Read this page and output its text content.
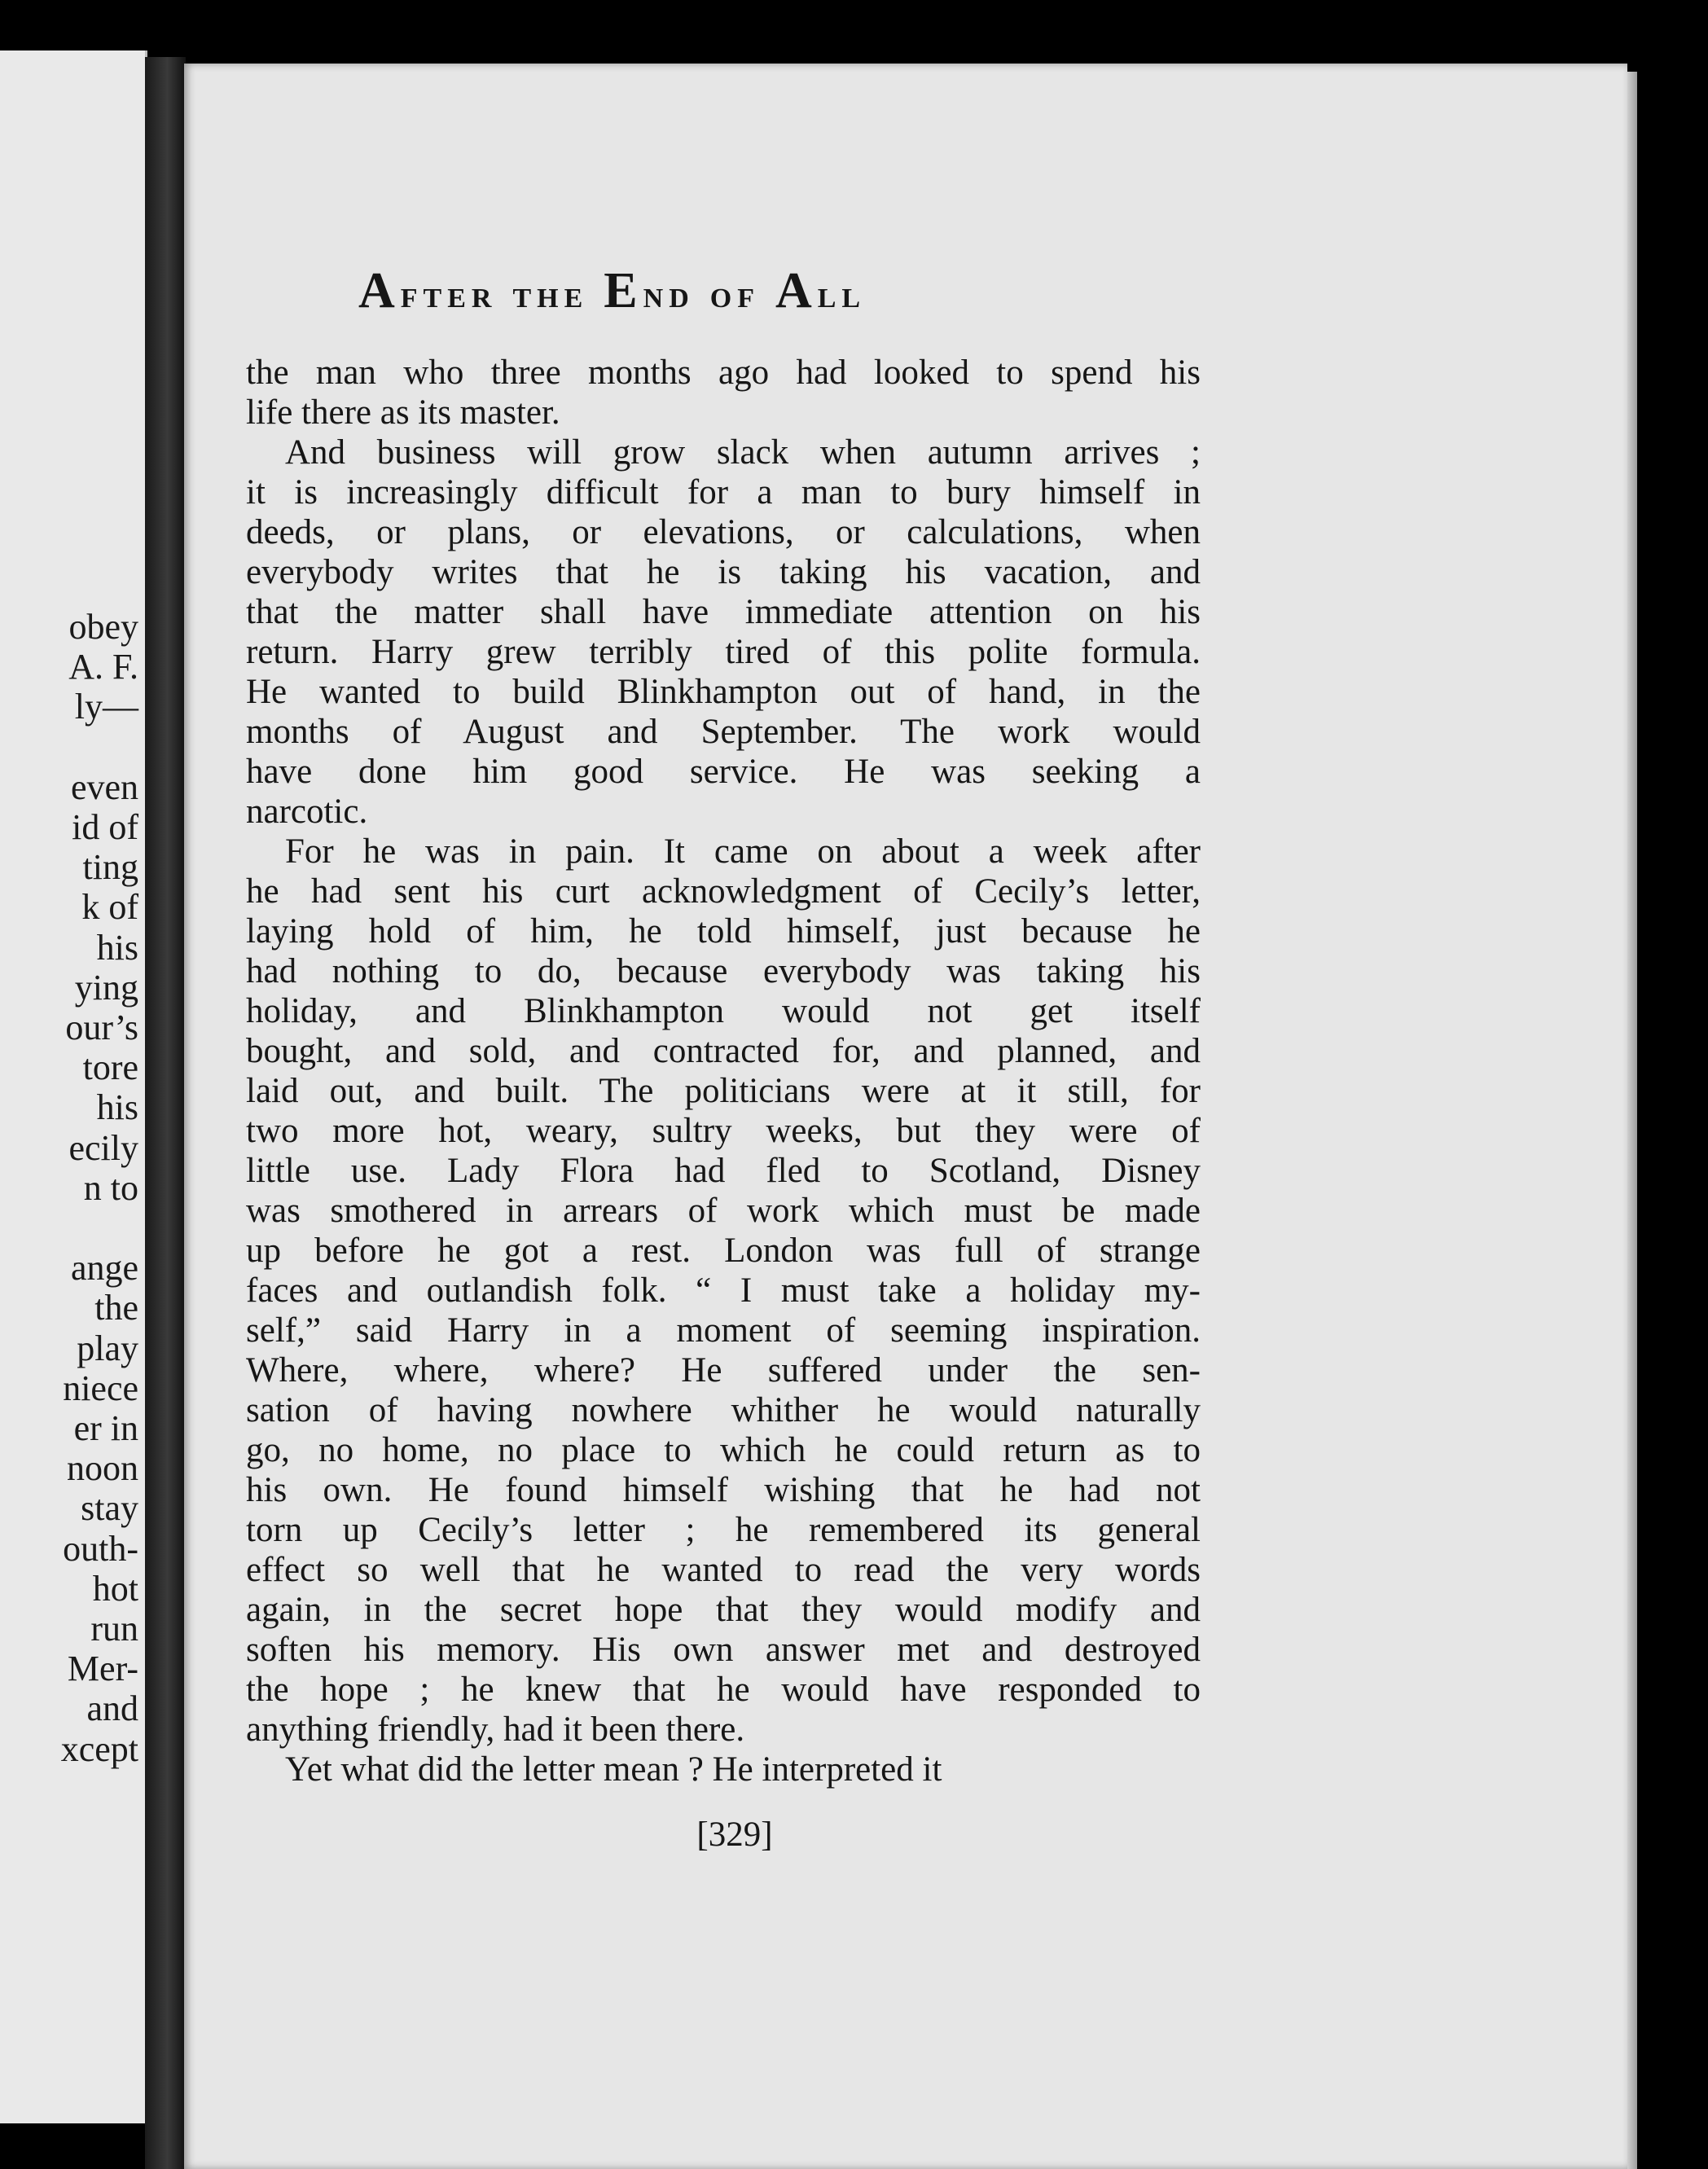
obey
A. F.
ly—
even
id of
ting
k of
his
ying
our’s
tore
his
ecily
n to
ange
the
play
niece
er in
noon
stay
outh-
hot
run
Mer-
and
xcept
After the End of All
the man who three months ago had looked to spend his
life there as its master.
And business will grow slack when autumn arrives ;
it is increasingly difficult for a man to bury himself in
deeds, or plans, or elevations, or calculations, when
everybody writes that he is taking his vacation, and
that the matter shall have immediate attention on his
return. Harry grew terribly tired of this polite formula.
He wanted to build Blinkhampton out of hand, in the
months of August and September. The work would
have done him good service. He was seeking a
narcotic.
For he was in pain. It came on about a week after
he had sent his curt acknowledgment of Cecily’s letter,
laying hold of him, he told himself, just because he
had nothing to do, because everybody was taking his
holiday, and Blinkhampton would not get itself
bought, and sold, and contracted for, and planned, and
laid out, and built. The politicians were at it still, for
two more hot, weary, sultry weeks, but they were of
little use. Lady Flora had fled to Scotland, Disney
was smothered in arrears of work which must be made
up before he got a rest. London was full of strange
faces and outlandish folk. “ I must take a holiday my-
self,” said Harry in a moment of seeming inspiration.
Where, where, where? He suffered under the sen-
sation of having nowhere whither he would naturally
go, no home, no place to which he could return as to
his own. He found himself wishing that he had not
torn up Cecily’s letter ; he remembered its general
effect so well that he wanted to read the very words
again, in the secret hope that they would modify and
soften his memory. His own answer met and destroyed
the hope ; he knew that he would have responded to
anything friendly, had it been there.
Yet what did the letter mean ? He interpreted it
[329]
